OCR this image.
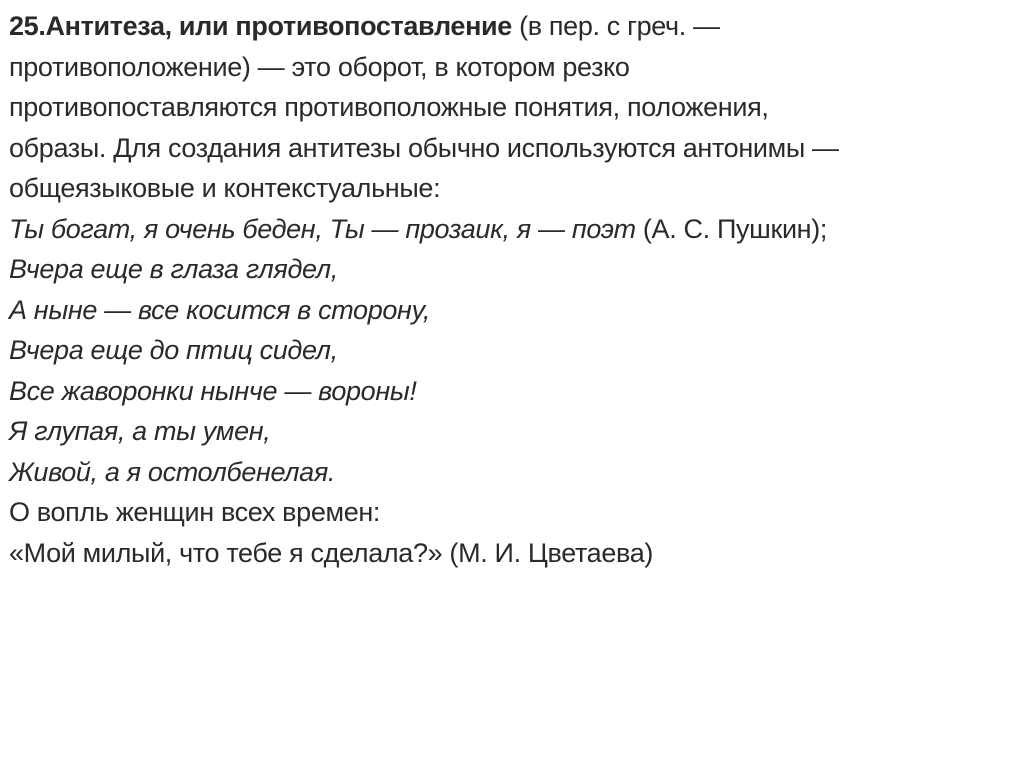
25.Антитеза, или противопоставление (в пер. с греч. —
противоположение) — это оборот, в котором резко
противопоставляются противоположные понятия, положения,
образы. Для создания антитезы обычно используются антонимы —
общеязыковые и контекстуальные:
Ты богат, я очень беден, Ты — прозаик, я — поэт (А. С. Пушкин);
Вчера еще в глаза глядел,
А ныне — все косится в сторону,
Вчера еще до птиц сидел,
Все жаворонки нынче — вороны!
Я глупая, а ты умен,
Живой, а я остолбенелая.
О вопль женщин всех времен:
«Мой милый, что тебе я сделала?» (М. И. Цветаева)
